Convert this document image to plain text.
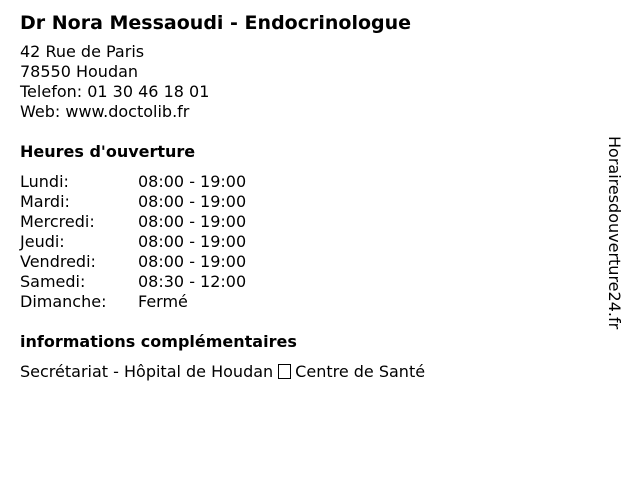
Dr Nora Messaoudi - Endocrinologue
42 Rue de Paris
78550 Houdan
Telefon: 01 30 46 18 01
Web: www.doctolib.fr
Heures d'ouverture
Lundi:	08:00 - 19:00
Mardi:	08:00 - 19:00
Mercredi:	08:00 - 19:00
Jeudi:	08:00 - 19:00
Vendredi:	08:00 - 19:00
Samedi:	08:30 - 12:00
Dimanche:	Fermé
informations complémentaires
Secrétariat - Hôpital de Houdan Centre de Santé
Horairesdouverture24.fr
